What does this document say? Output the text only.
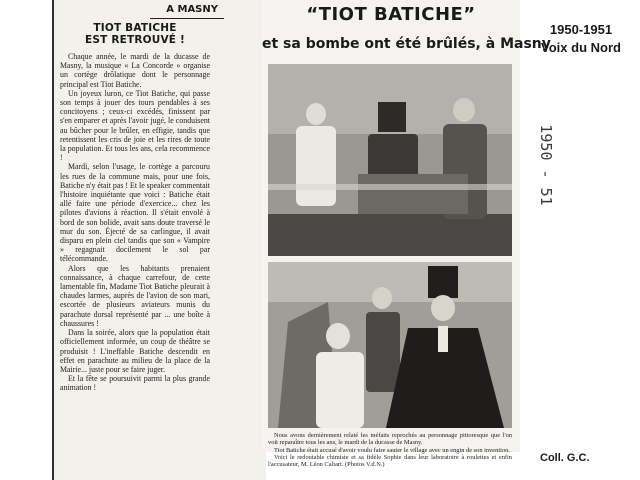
A MASNY
TIOT BATICHE
EST RETROUVÉ !

Chaque année, le mardi de la ducasse de Masny, la musique « La Concorde » organise un cortège drôlatique dont le personnage principal est Tiot Batiche.

Un joyeux luron, ce Tiot Batiche, qui passe son temps à jouer des tours pendables à ses concitoyens ; ceux-ci excédés, finissent par s'en emparer et après l'avoir jugé, le conduisent au bûcher pour le brûler, en effigie, tandis que retentissent les cris de joie et les rires de toute la population. Et tous les ans, cela recommence !

Mardi, selon l'usage, le cortège a parcouru les rues de la commune mais, pour une fois, Batiche n'y était pas ! Et le speaker commentait l'histoire inquiétante que voici : Batiche était allé faire une période d'exercice... chez les pilotes d'avions à réaction. Il s'était envolé à bord de son bolide, avait sans doute traversé le mur du son. Éjecté de sa carlingue, il avait disparu en plein ciel tandis que son « Vampire » regagnait docilement le sol par télécommande.

Alors que les habitants prenaient connaissance, à chaque carrefour, de cette lamentable fin, Madame Tiot Batiche pleurait à chaudes larmes, auprès de l'avion de son mari, escortée de plusieurs aviateurs munis du parachute dorsal représenté par ... une boîte à chaussures !

Dans la soirée, alors que la population était officiellement informée, un coup de théâtre se produisit ! L'ineffable Batiche descendit en effet en parachute au milieu de la place de la Mairie... juste pour se faire juger.

Et la fête se poursuivit parmi la plus grande animation !

“TIOT BATICHE”
et sa bombe ont été brûlés, à Masny

Nous avons dernièrement relaté les méfaits reprochés au personnage pittoresque que l'on voit reparaître tous les ans, le mardi de la ducasse de Masny.

Tiot Batiche était accusé d'avoir voulu faire sauter le village avec un engin de son invention.

Voici le redoutable chimiste et sa fidèle Sophie dans leur laboratoire à roulettes et enfin l'accusateur, M. Léon Caliart. (Photos V.d.N.)

1950 - 51
1950-1951
Voix du Nord
Coll. G.C.
